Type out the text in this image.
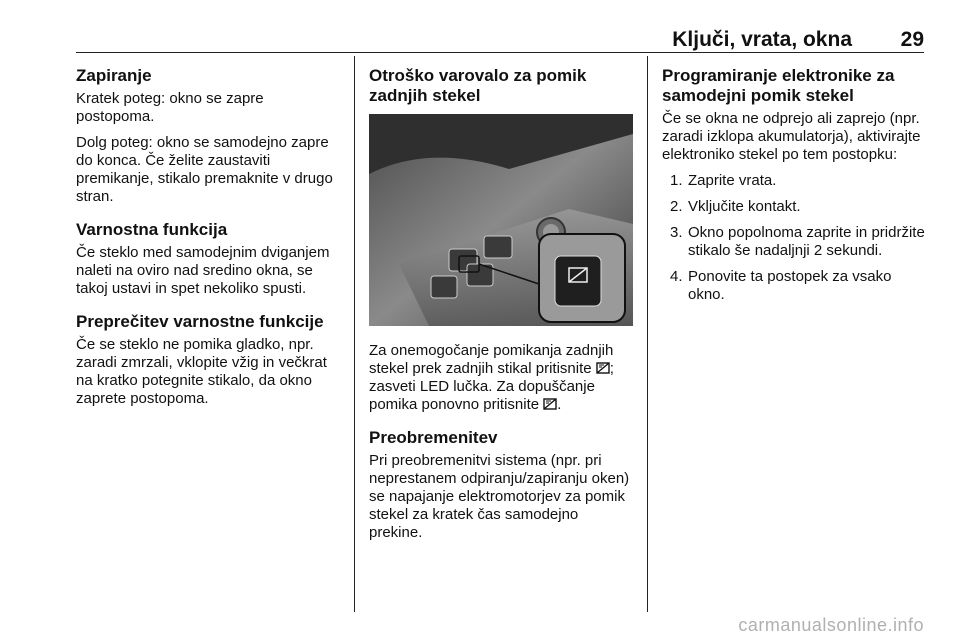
Ključi, vrata, okna 29
Zapiranje

Kratek poteg: okno se zapre postopoma.

Dolg poteg: okno se samodejno zapre do konca. Če želite zaustaviti premikanje, stikalo premaknite v drugo stran.

Varnostna funkcija

Če steklo med samodejnim dviganjem naleti na oviro nad sredino okna, se takoj ustavi in spet nekoliko spusti.

Preprečitev varnostne funkcije

Če se steklo ne pomika gladko, npr. zaradi zmrzali, vklopite vžig in večkrat na kratko potegnite stikalo, da okno zaprete postopoma.

Otroško varovalo za pomik zadnjih stekel

Za onemogočanje pomikanja zadnjih stekel prek zadnjih stikal pritisnite ; zasveti LED lučka. Za dopuščanje pomika ponovno pritisnite .

Preobremenitev

Pri preobremenitvi sistema (npr. pri neprestanem odpiranju/zapiranju oken) se napajanje elektromotorjev za pomik stekel za kratek čas samodejno prekine.

Programiranje elektronike za samodejni pomik stekel

Če se okna ne odprejo ali zaprejo (npr. zaradi izklopa akumulatorja), aktivirajte elektroniko stekel po tem postopku:

1. Zaprite vrata.
2. Vključite kontakt.
3. Okno popolnoma zaprite in pridržite stikalo še nadaljnji 2 sekundi.
4. Ponovite ta postopek za vsako okno.
carmanualsonline.info
